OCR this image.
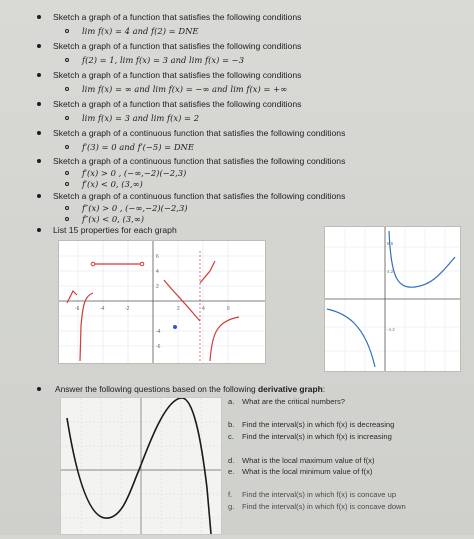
Sketch a graph of a function that satisfies the following conditions
lim f(x) = 4 and f(2) = DNE
Sketch a graph of a function that satisfies the following conditions
f(2) = 1, lim f(x) = 3 and lim f(x) = −3
Sketch a graph of a function that satisfies the following conditions
lim f(x) = ∞ and lim f(x) = −∞ and lim f(x) = +∞
Sketch a graph of a function that satisfies the following conditions
lim f(x) = 3 and lim f(x) = 2
Sketch a graph of a continuous function that satisfies the following conditions
f′(3) = 0 and f′(−5) = DNE
Sketch a graph of a continuous function that satisfies the following conditions
f′(x) > 0 , (−∞,−2)(−2,3)
f′(x) < 0, (3,∞)
Sketch a graph of a continuous function that satisfies the following conditions
f″(x) > 0 , (−∞,−2)(−2,3)
f″(x) < 0, (3,∞)
List 15 properties for each graph
-6	-4	-2	2	4	6
6
4
2
-4
-6
8.5
4.2
-4.2
Answer the following questions based on the following derivative graph:
a. What are the critical numbers?
b. Find the interval(s) in which f(x) is decreasing
c. Find the interval(s) in which f(x) is increasing
d. What is the local maximum value of f(x)
e. What is the local minimum value of f(x)
f. Find the interval(s) in which f(x) is concave up
g. Find the interval(s) in which f(x) is concave down
